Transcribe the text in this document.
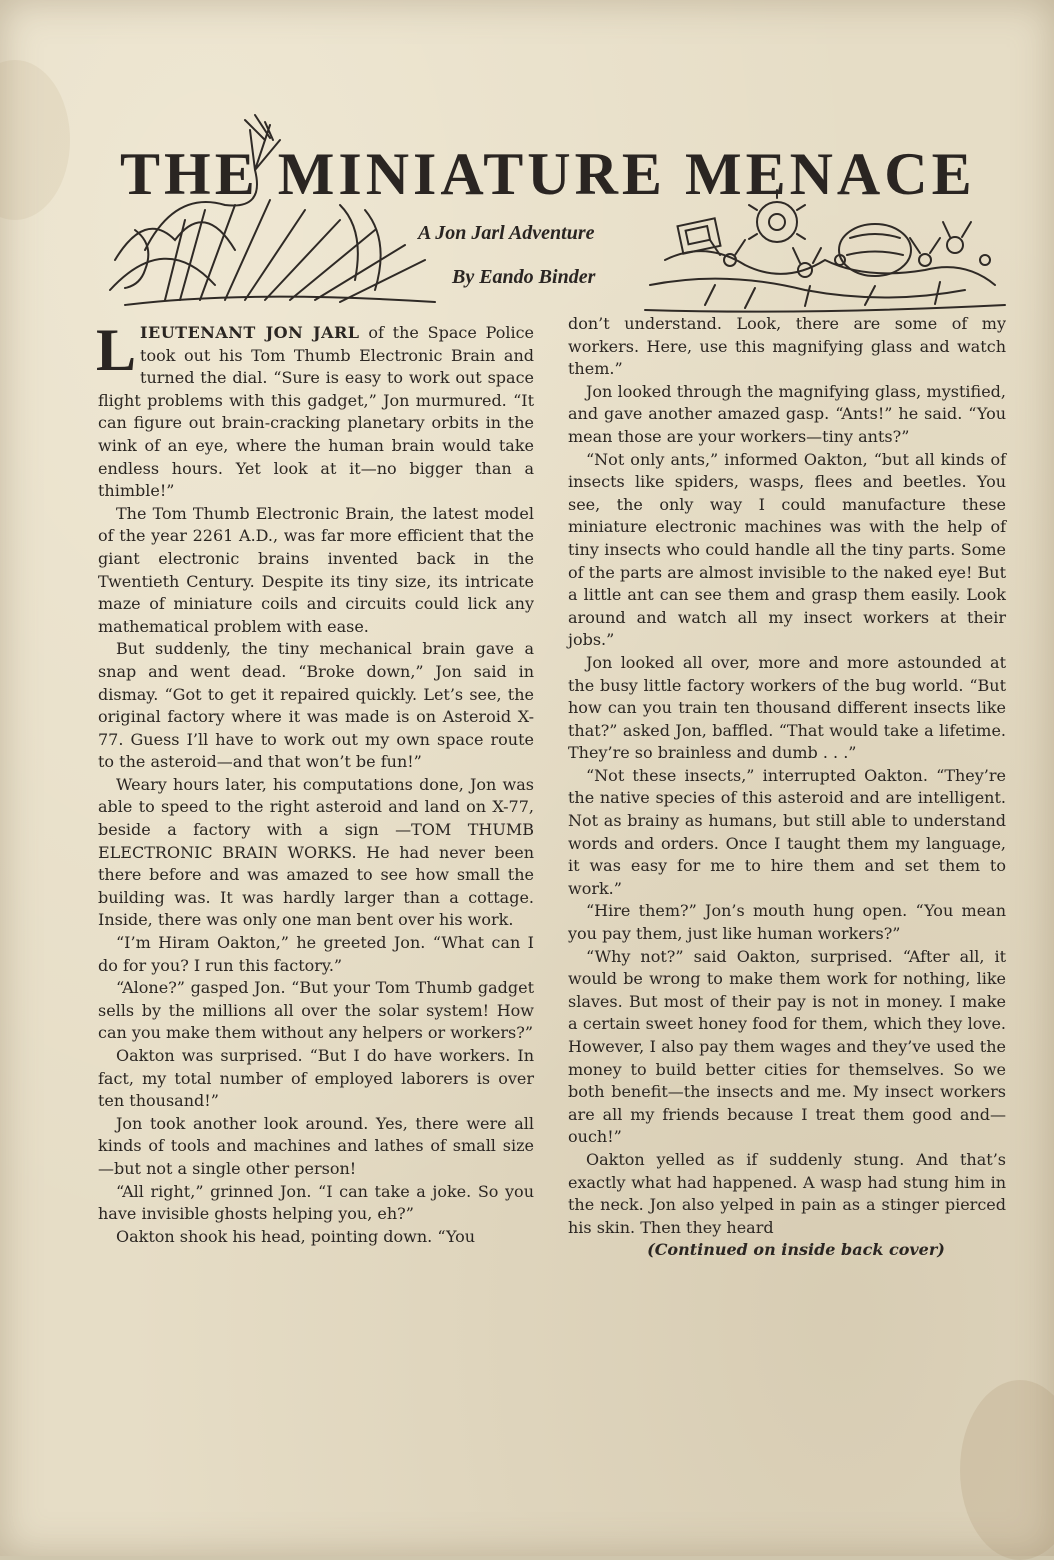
THE MINIATURE MENACE
A Jon Jarl Adventure
By Eando Binder

LIEUTENANT JON JARL of the Space Police took out his Tom Thumb Electronic Brain and turned the dial. “Sure is easy to work out space flight problems with this gadget,” Jon murmured. “It can figure out brain-cracking planetary orbits in the wink of an eye, where the human brain would take endless hours. Yet look at it—no bigger than a thimble!”

The Tom Thumb Electronic Brain, the latest model of the year 2261 A.D., was far more efficient that the giant electronic brains invented back in the Twentieth Century. Despite its tiny size, its intricate maze of miniature coils and circuits could lick any mathematical problem with ease.

But suddenly, the tiny mechanical brain gave a snap and went dead. “Broke down,” Jon said in dismay. “Got to get it repaired quickly. Let’s see, the original factory where it was made is on Asteroid X-77. Guess I’ll have to work out my own space route to the asteroid—and that won’t be fun!”

Weary hours later, his computations done, Jon was able to speed to the right asteroid and land on X-77, beside a factory with a sign —TOM THUMB ELECTRONIC BRAIN WORKS. He had never been there before and was amazed to see how small the building was. It was hardly larger than a cottage. Inside, there was only one man bent over his work.

“I’m Hiram Oakton,” he greeted Jon. “What can I do for you? I run this factory.”

“Alone?” gasped Jon. “But your Tom Thumb gadget sells by the millions all over the solar system! How can you make them without any helpers or workers?”

Oakton was surprised. “But I do have workers. In fact, my total number of employed laborers is over ten thousand!”

Jon took another look around. Yes, there were all kinds of tools and machines and lathes of small size—but not a single other person!

“All right,” grinned Jon. “I can take a joke. So you have invisible ghosts helping you, eh?”

Oakton shook his head, pointing down. “You

don’t understand. Look, there are some of my workers. Here, use this magnifying glass and watch them.”

Jon looked through the magnifying glass, mystified, and gave another amazed gasp. “Ants!” he said. “You mean those are your workers—tiny ants?”

“Not only ants,” informed Oakton, “but all kinds of insects like spiders, wasps, flees and beetles. You see, the only way I could manufacture these miniature electronic machines was with the help of tiny insects who could handle all the tiny parts. Some of the parts are almost invisible to the naked eye! But a little ant can see them and grasp them easily. Look around and watch all my insect workers at their jobs.”

Jon looked all over, more and more astounded at the busy little factory workers of the bug world. “But how can you train ten thousand different insects like that?” asked Jon, baffled. “That would take a lifetime. They’re so brainless and dumb . . .”

“Not these insects,” interrupted Oakton. “They’re the native species of this asteroid and are intelligent. Not as brainy as humans, but still able to understand words and orders. Once I taught them my language, it was easy for me to hire them and set them to work.”

“Hire them?” Jon’s mouth hung open. “You mean you pay them, just like human workers?”

“Why not?” said Oakton, surprised. “After all, it would be wrong to make them work for nothing, like slaves. But most of their pay is not in money. I make a certain sweet honey food for them, which they love. However, I also pay them wages and they’ve used the money to build better cities for themselves. So we both benefit—the insects and me. My insect workers are all my friends because I treat them good and—ouch!”

Oakton yelled as if suddenly stung. And that’s exactly what had happened. A wasp had stung him in the neck. Jon also yelped in pain as a stinger pierced his skin. Then they heard

(Continued on inside back cover)
